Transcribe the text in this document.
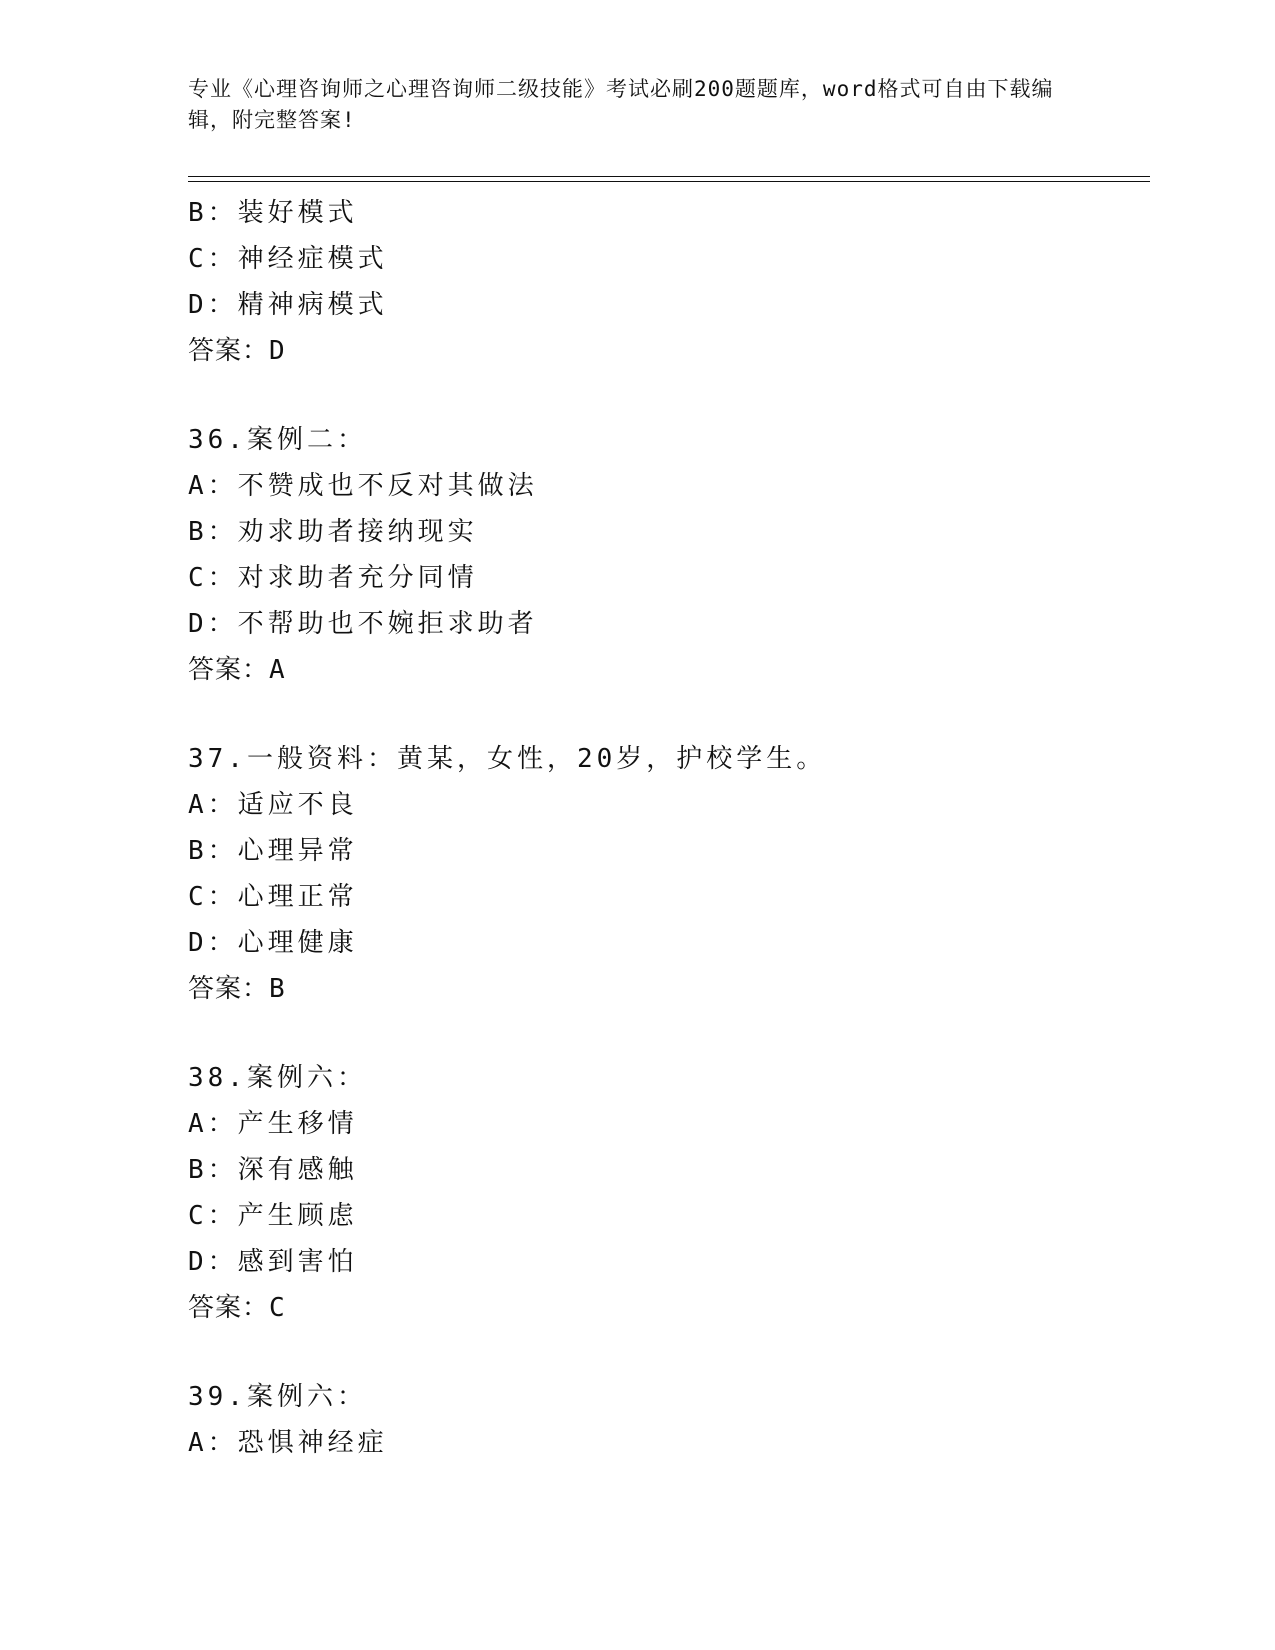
专业《心理咨询师之心理咨询师二级技能》考试必刷200题题库，word格式可自由下载编辑，附完整答案!
B：装好模式
C：神经症模式
D：精神病模式
答案：D
36.案例二：
A：不赞成也不反对其做法
B：劝求助者接纳现实
C：对求助者充分同情
D：不帮助也不婉拒求助者
答案：A
37.一般资料：黄某，女性，20岁，护校学生。
A：适应不良
B：心理异常
C：心理正常
D：心理健康
答案：B
38.案例六：
A：产生移情
B：深有感触
C：产生顾虑
D：感到害怕
答案：C
39.案例六：
A：恐惧神经症
